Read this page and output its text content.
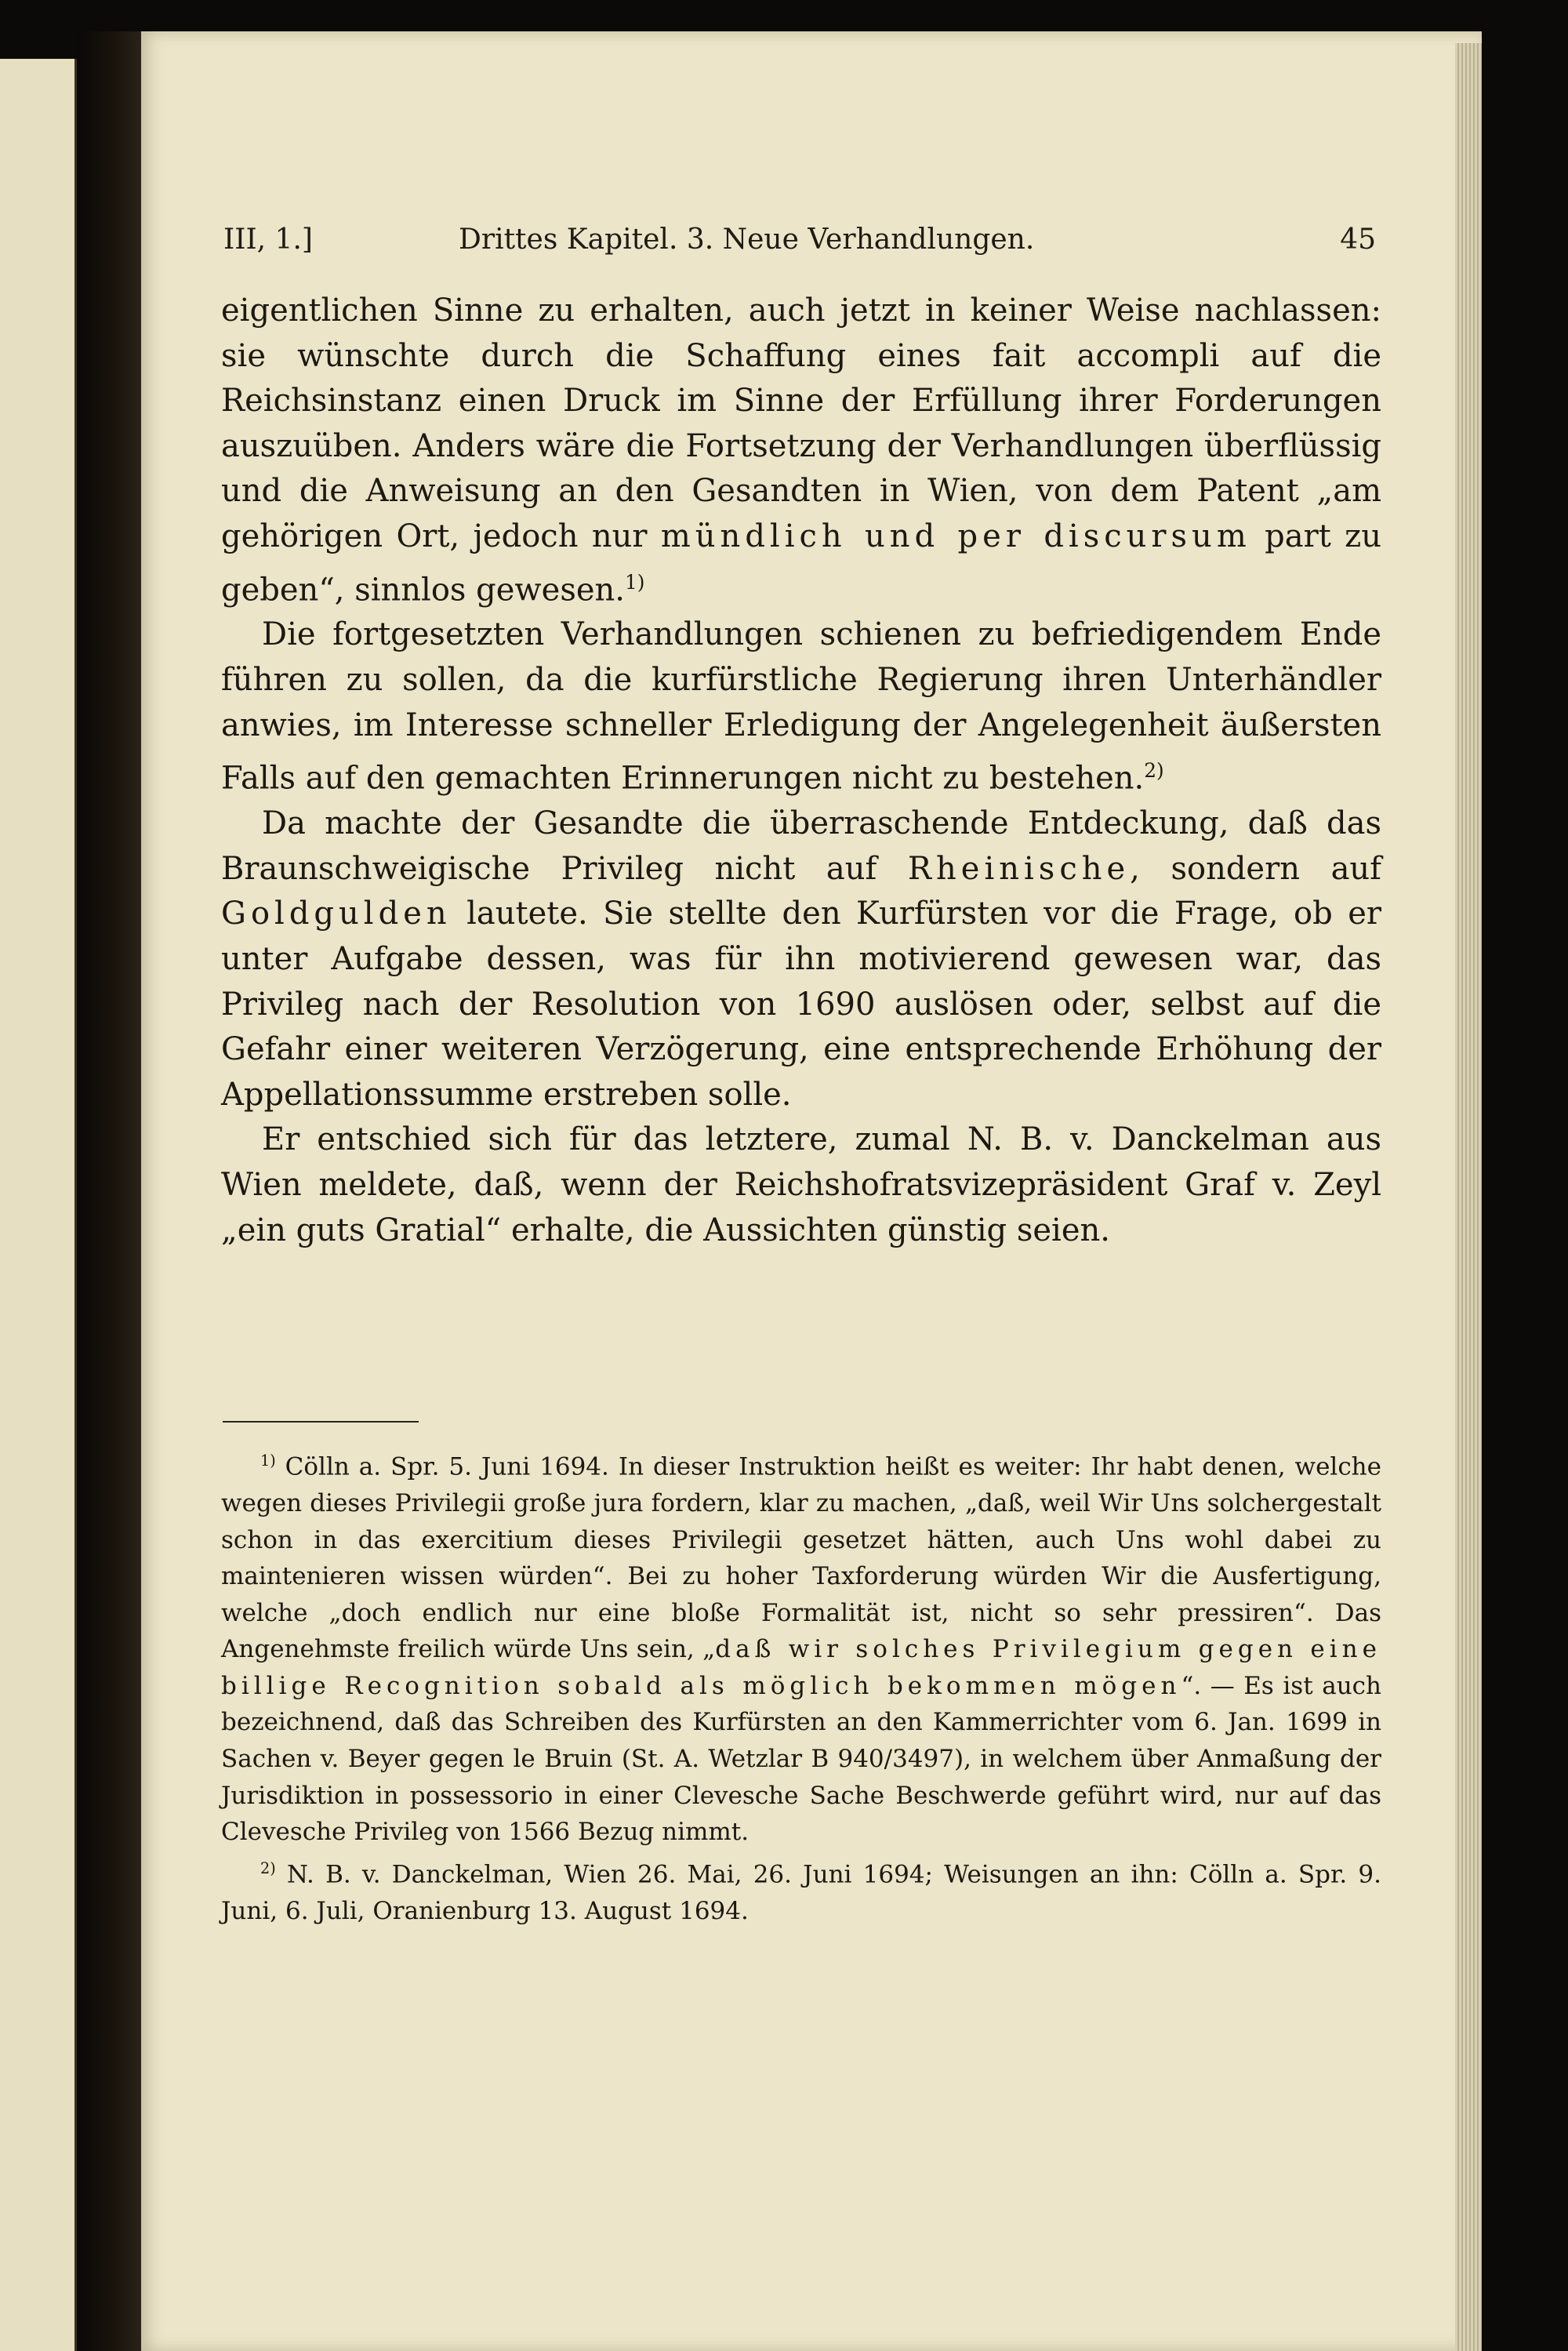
III, 1.]	Drittes Kapitel. 3. Neue Verhandlungen.	45

eigentlichen Sinne zu erhalten, auch jetzt in keiner Weise nachlassen: sie wünschte durch die Schaffung eines fait accompli auf die Reichsinstanz einen Druck im Sinne der Erfüllung ihrer Forderungen auszuüben. Anders wäre die Fortsetzung der Verhandlungen überflüssig und die Anweisung an den Gesandten in Wien, von dem Patent „am gehörigen Ort, jedoch nur mündlich und per discursum part zu geben“, sinnlos gewesen.$^{1)}$

Die fortgesetzten Verhandlungen schienen zu befriedigendem Ende führen zu sollen, da die kurfürstliche Regierung ihren Unterhändler anwies, im Interesse schneller Erledigung der Angelegenheit äußersten Falls auf den gemachten Erinnerungen nicht zu bestehen.$^{2)}$

Da machte der Gesandte die überraschende Entdeckung, daß das Braunschweigische Privileg nicht auf Rheinische, sondern auf Goldgulden lautete. Sie stellte den Kurfürsten vor die Frage, ob er unter Aufgabe dessen, was für ihn motivierend gewesen war, das Privileg nach der Resolution von 1690 auslösen oder, selbst auf die Gefahr einer weiteren Verzögerung, eine entsprechende Erhöhung der Appellationssumme erstreben solle.

Er entschied sich für das letztere, zumal N. B. v. Danckelman aus Wien meldete, daß, wenn der Reichshofratsvizepräsident Graf v. Zeyl „ein guts Gratial“ erhalte, die Aussichten günstig seien.

$^{1)}$ Cölln a. Spr. 5. Juni 1694. In dieser Instruktion heißt es weiter: Ihr habt denen, welche wegen dieses Privilegii große jura fordern, klar zu machen, „daß, weil Wir Uns solchergestalt schon in das exercitium dieses Privilegii gesetzet hätten, auch Uns wohl dabei zu maintenieren wissen würden“. Bei zu hoher Taxforderung würden Wir die Ausfertigung, welche „doch endlich nur eine bloße Formalität ist, nicht so sehr pressiren“. Das Angenehmste freilich würde Uns sein, „daß wir solches Privilegium gegen eine billige Recognition sobald als möglich bekommen mögen“. — Es ist auch bezeichnend, daß das Schreiben des Kurfürsten an den Kammerrichter vom 6. Jan. 1699 in Sachen v. Beyer gegen le Bruin (St. A. Wetzlar B 940/3497), in welchem über Anmaßung der Jurisdiktion in possessorio in einer Clevesche Sache Beschwerde geführt wird, nur auf das Clevesche Privileg von 1566 Bezug nimmt.

$^{2)}$ N. B. v. Danckelman, Wien 26. Mai, 26. Juni 1694; Weisungen an ihn: Cölln a. Spr. 9. Juni, 6. Juli, Oranienburg 13. August 1694.
